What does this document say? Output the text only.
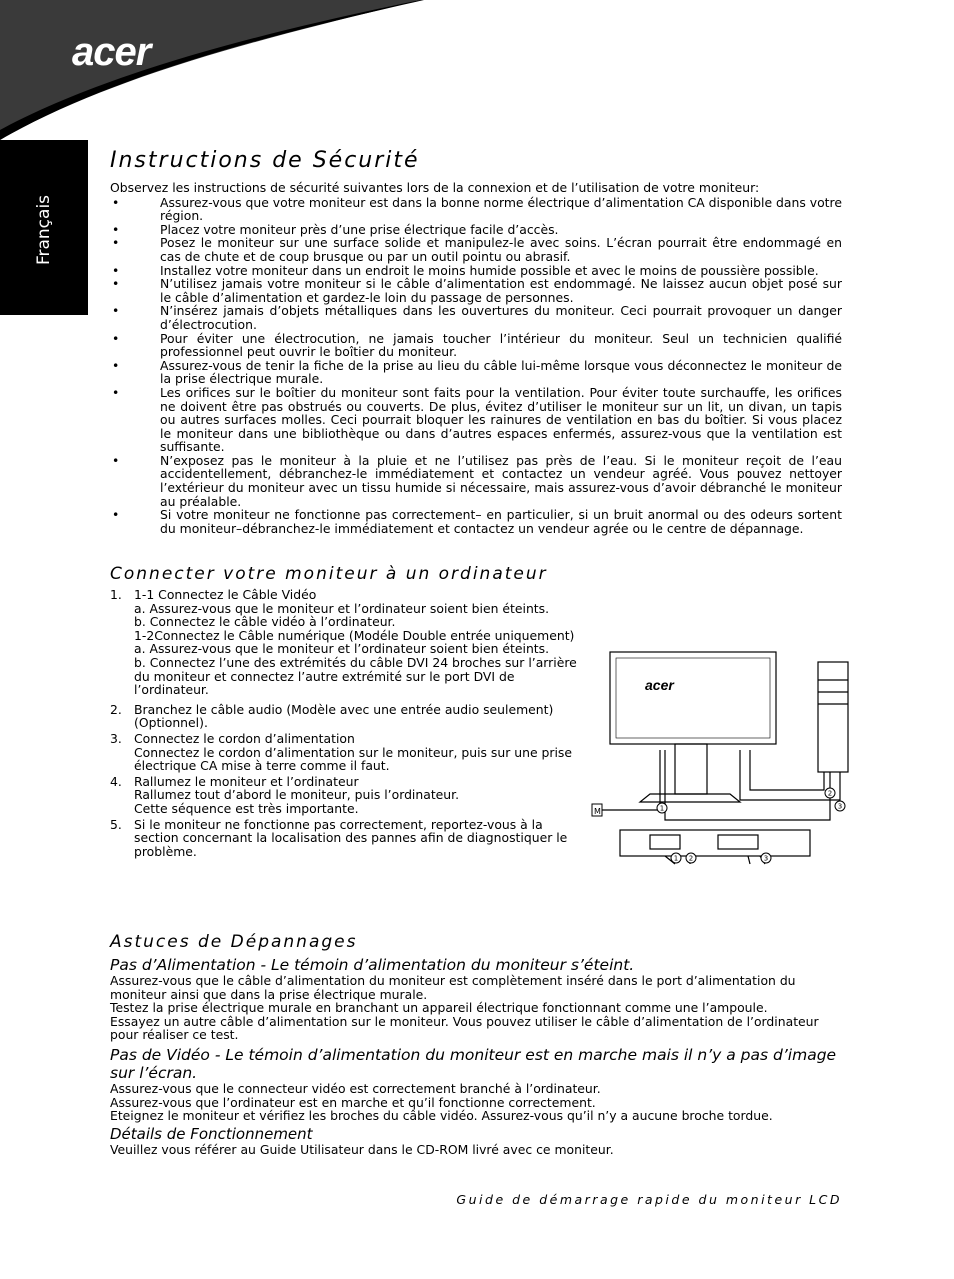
acer
Français
Instructions de Sécurité

Observez les instructions de sécurité suivantes lors de la connexion et de l’utilisation de votre moniteur:

• Assurez-vous que votre moniteur est dans la bonne norme électrique d’alimentation CA disponible dans votre région.
• Placez votre moniteur près d’une prise électrique facile d’accès.
• Posez le moniteur sur une surface solide et manipulez-le avec soins. L’écran pourrait être endommagé en cas de chute et de coup brusque ou par un outil pointu ou abrasif.
• Installez votre moniteur dans un endroit le moins humide possible et avec le moins de poussière possible.
• N’utilisez jamais votre moniteur si le câble d’alimentation est endommagé. Ne laissez aucun objet posé sur le câble d’alimentation et gardez-le loin du passage de personnes.
• N’insérez jamais d’objets métalliques dans les ouvertures du moniteur. Ceci pourrait provoquer un danger d’électrocution.
• Pour éviter une électrocution, ne jamais toucher l’intérieur du moniteur. Seul un technicien qualifié professionnel peut ouvrir le boîtier du moniteur.
• Assurez-vous de tenir la fiche de la prise au lieu du câble lui-même lorsque vous déconnectez le moniteur de la prise électrique murale.
• Les orifices sur le boîtier du moniteur sont faits pour la ventilation. Pour éviter toute surchauffe, les orifices ne doivent être pas obstrués ou couverts. De plus, évitez d’utiliser le moniteur sur un lit, un divan, un tapis ou autres surfaces molles. Ceci pourrait bloquer les rainures de ventilation en bas du boîtier. Si vous placez le moniteur dans une bibliothèque ou dans d’autres espaces enfermés, assurez-vous que la ventilation est suffisante.
• N’exposez pas le moniteur à la pluie et ne l’utilisez pas près de l’eau. Si le moniteur reçoit de l’eau accidentellement, débranchez-le immédiatement et contactez un vendeur agréé. Vous pouvez nettoyer l’extérieur du moniteur avec un tissu humide si nécessaire, mais assurez-vous d’avoir débranché le moniteur au préalable.
• Si votre moniteur ne fonctionne pas correctement– en particulier, si un bruit anormal ou des odeurs sortent du moniteur–débranchez-le immédiatement et contactez un vendeur agrée ou le centre de dépannage.
Connecter votre moniteur à un ordinateur
1. 1-1 Connectez le Câble Vidéo

a. Assurez-vous que le moniteur et l’ordinateur soient bien éteints.

b. Connectez le câble vidéo à l’ordinateur.

1-2Connectez le Câble numérique (Modéle Double entrée uniquement)

a. Assurez-vous que le moniteur et l’ordinateur soient bien éteints.

b. Connectez l’une des extrémités du câble DVI 24 broches sur l’arrière du moniteur et connectez l’autre extrémité sur le port DVI de l’ordinateur.

2. Branchez le câble audio (Modèle avec une entrée audio seulement) (Optionnel).

3. Connectez le cordon d’alimentation

Connectez le cordon d’alimentation sur le moniteur, puis sur une prise électrique CA mise à terre comme il faut.

4. Rallumez le moniteur et l’ordinateur

Rallumez tout d’abord le moniteur, puis l’ordinateur.

Cette séquence est très importante.

5. Si le moniteur ne fonctionne pas correctement, reportez-vous à la section concernant la localisation des pannes afin de diagnostiquer le problème.

acer
M	1
2
3
1 2	3
Astuces de Dépannages
Pas d’Alimentation - Le témoin d’alimentation du moniteur s’éteint.

Assurez-vous que le câble d’alimentation du moniteur est complètement inséré dans le port d’alimentation du moniteur ainsi que dans la prise électrique murale.

Testez la prise électrique murale en branchant un appareil électrique fonctionnant comme une l’ampoule.

Essayez un autre câble d’alimentation sur le moniteur. Vous pouvez utiliser le câble d’alimentation de l’ordinateur pour réaliser ce test.

Pas de Vidéo - Le témoin d’alimentation du moniteur est en marche mais il n’y a pas d’image sur l’écran.

Assurez-vous que le connecteur vidéo est correctement branché à l’ordinateur.

Assurez-vous que l’ordinateur est en marche et qu’il fonctionne correctement.

Eteignez le moniteur et vérifiez les broches du câble vidéo. Assurez-vous qu’il n’y a aucune broche tordue.

Détails de Fonctionnement

Veuillez vous référer au Guide Utilisateur dans le CD-ROM livré avec ce moniteur.

Guide de démarrage rapide du moniteur LCD
